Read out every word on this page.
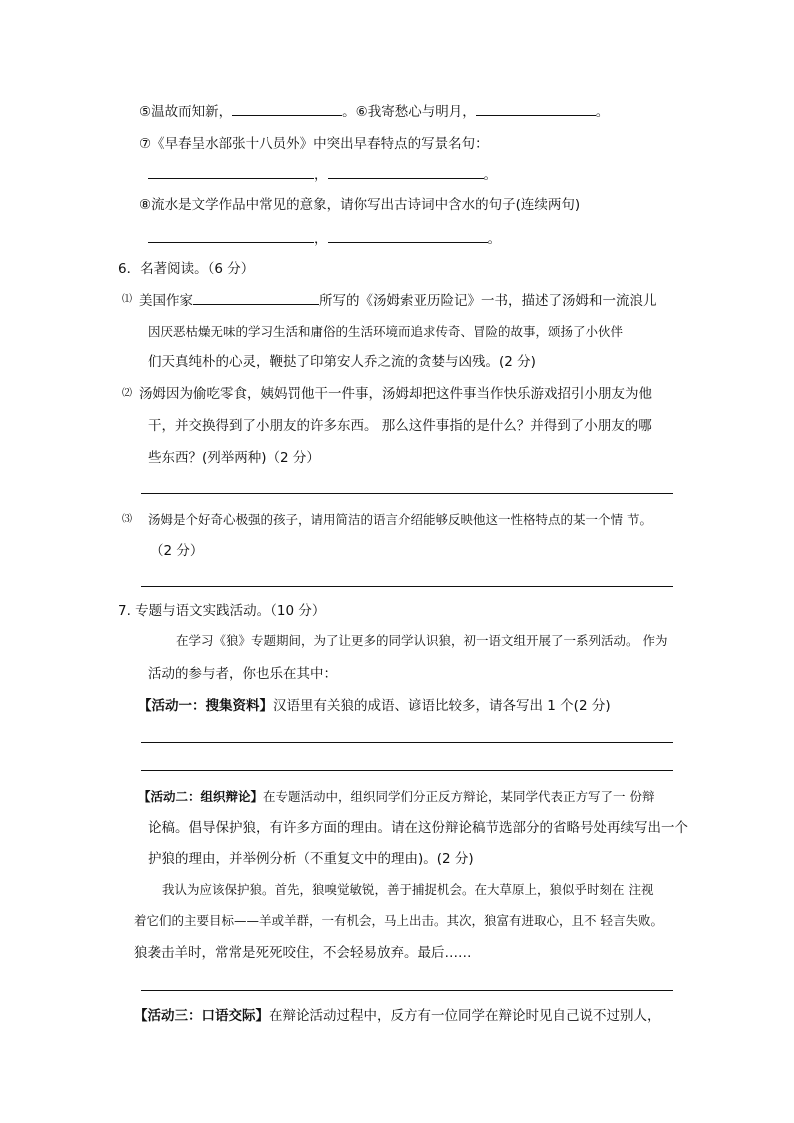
⑤温故而知新，	。⑥我寄愁心与明月，	。
⑦《早春呈水部张十八员外》中突出早春特点的写景名句：
，	。
⑧流水是文学作品中常见的意象，请你写出古诗词中含水的句子(连续两句)
，	。
6．名著阅读。（6 分）
⑴ 美国作家	所写的《汤姆索亚历险记》一书，描述了汤姆和一流浪儿
因厌恶枯燥无味的学习生活和庸俗的生活环境而追求传奇、冒险的故事，颂扬了小伙伴
们天真纯朴的心灵，鞭挞了印第安人乔之流的贪婪与凶残。(2 分)
⑵ 汤姆因为偷吃零食，姨妈罚他干一件事，汤姆却把这件事当作快乐游戏招引小朋友为他
干，并交换得到了小朋友的许多东西。 那么这件事指的是什么？并得到了小朋友的哪
些东西？(列举两种)（2 分）
⑶ 汤姆是个好奇心极强的孩子，请用简洁的语言介绍能够反映他这一性格特点的某一个情 节。
（2 分）
7. 专题与语文实践活动。（10 分）
在学习《狼》专题期间，为了让更多的同学认识狼，初一语文组开展了一系列活动。 作为
活动的参与者，你也乐在其中：
【活动一：搜集资料】汉语里有关狼的成语、谚语比较多，请各写出 1 个(2 分)
【活动二：组织辩论】在专题活动中，组织同学们分正反方辩论，某同学代表正方写了一 份辩
论稿。倡导保护狼，有许多方面的理由。请在这份辩论稿节选部分的省略号处再续写出一个
护狼的理由，并举例分析（不重复文中的理由)。(2 分)
我认为应该保护狼。首先，狼嗅觉敏锐，善于捕捉机会。在大草原上，狼似乎时刻在 注视
着它们的主要目标——羊或羊群，一有机会，马上出击。其次，狼富有进取心，且不 轻言失败。
狼袭击羊时，常常是死死咬住，不会轻易放弃。最后……
【活动三：口语交际】在辩论活动过程中，反方有一位同学在辩论时见自己说不过别人，
